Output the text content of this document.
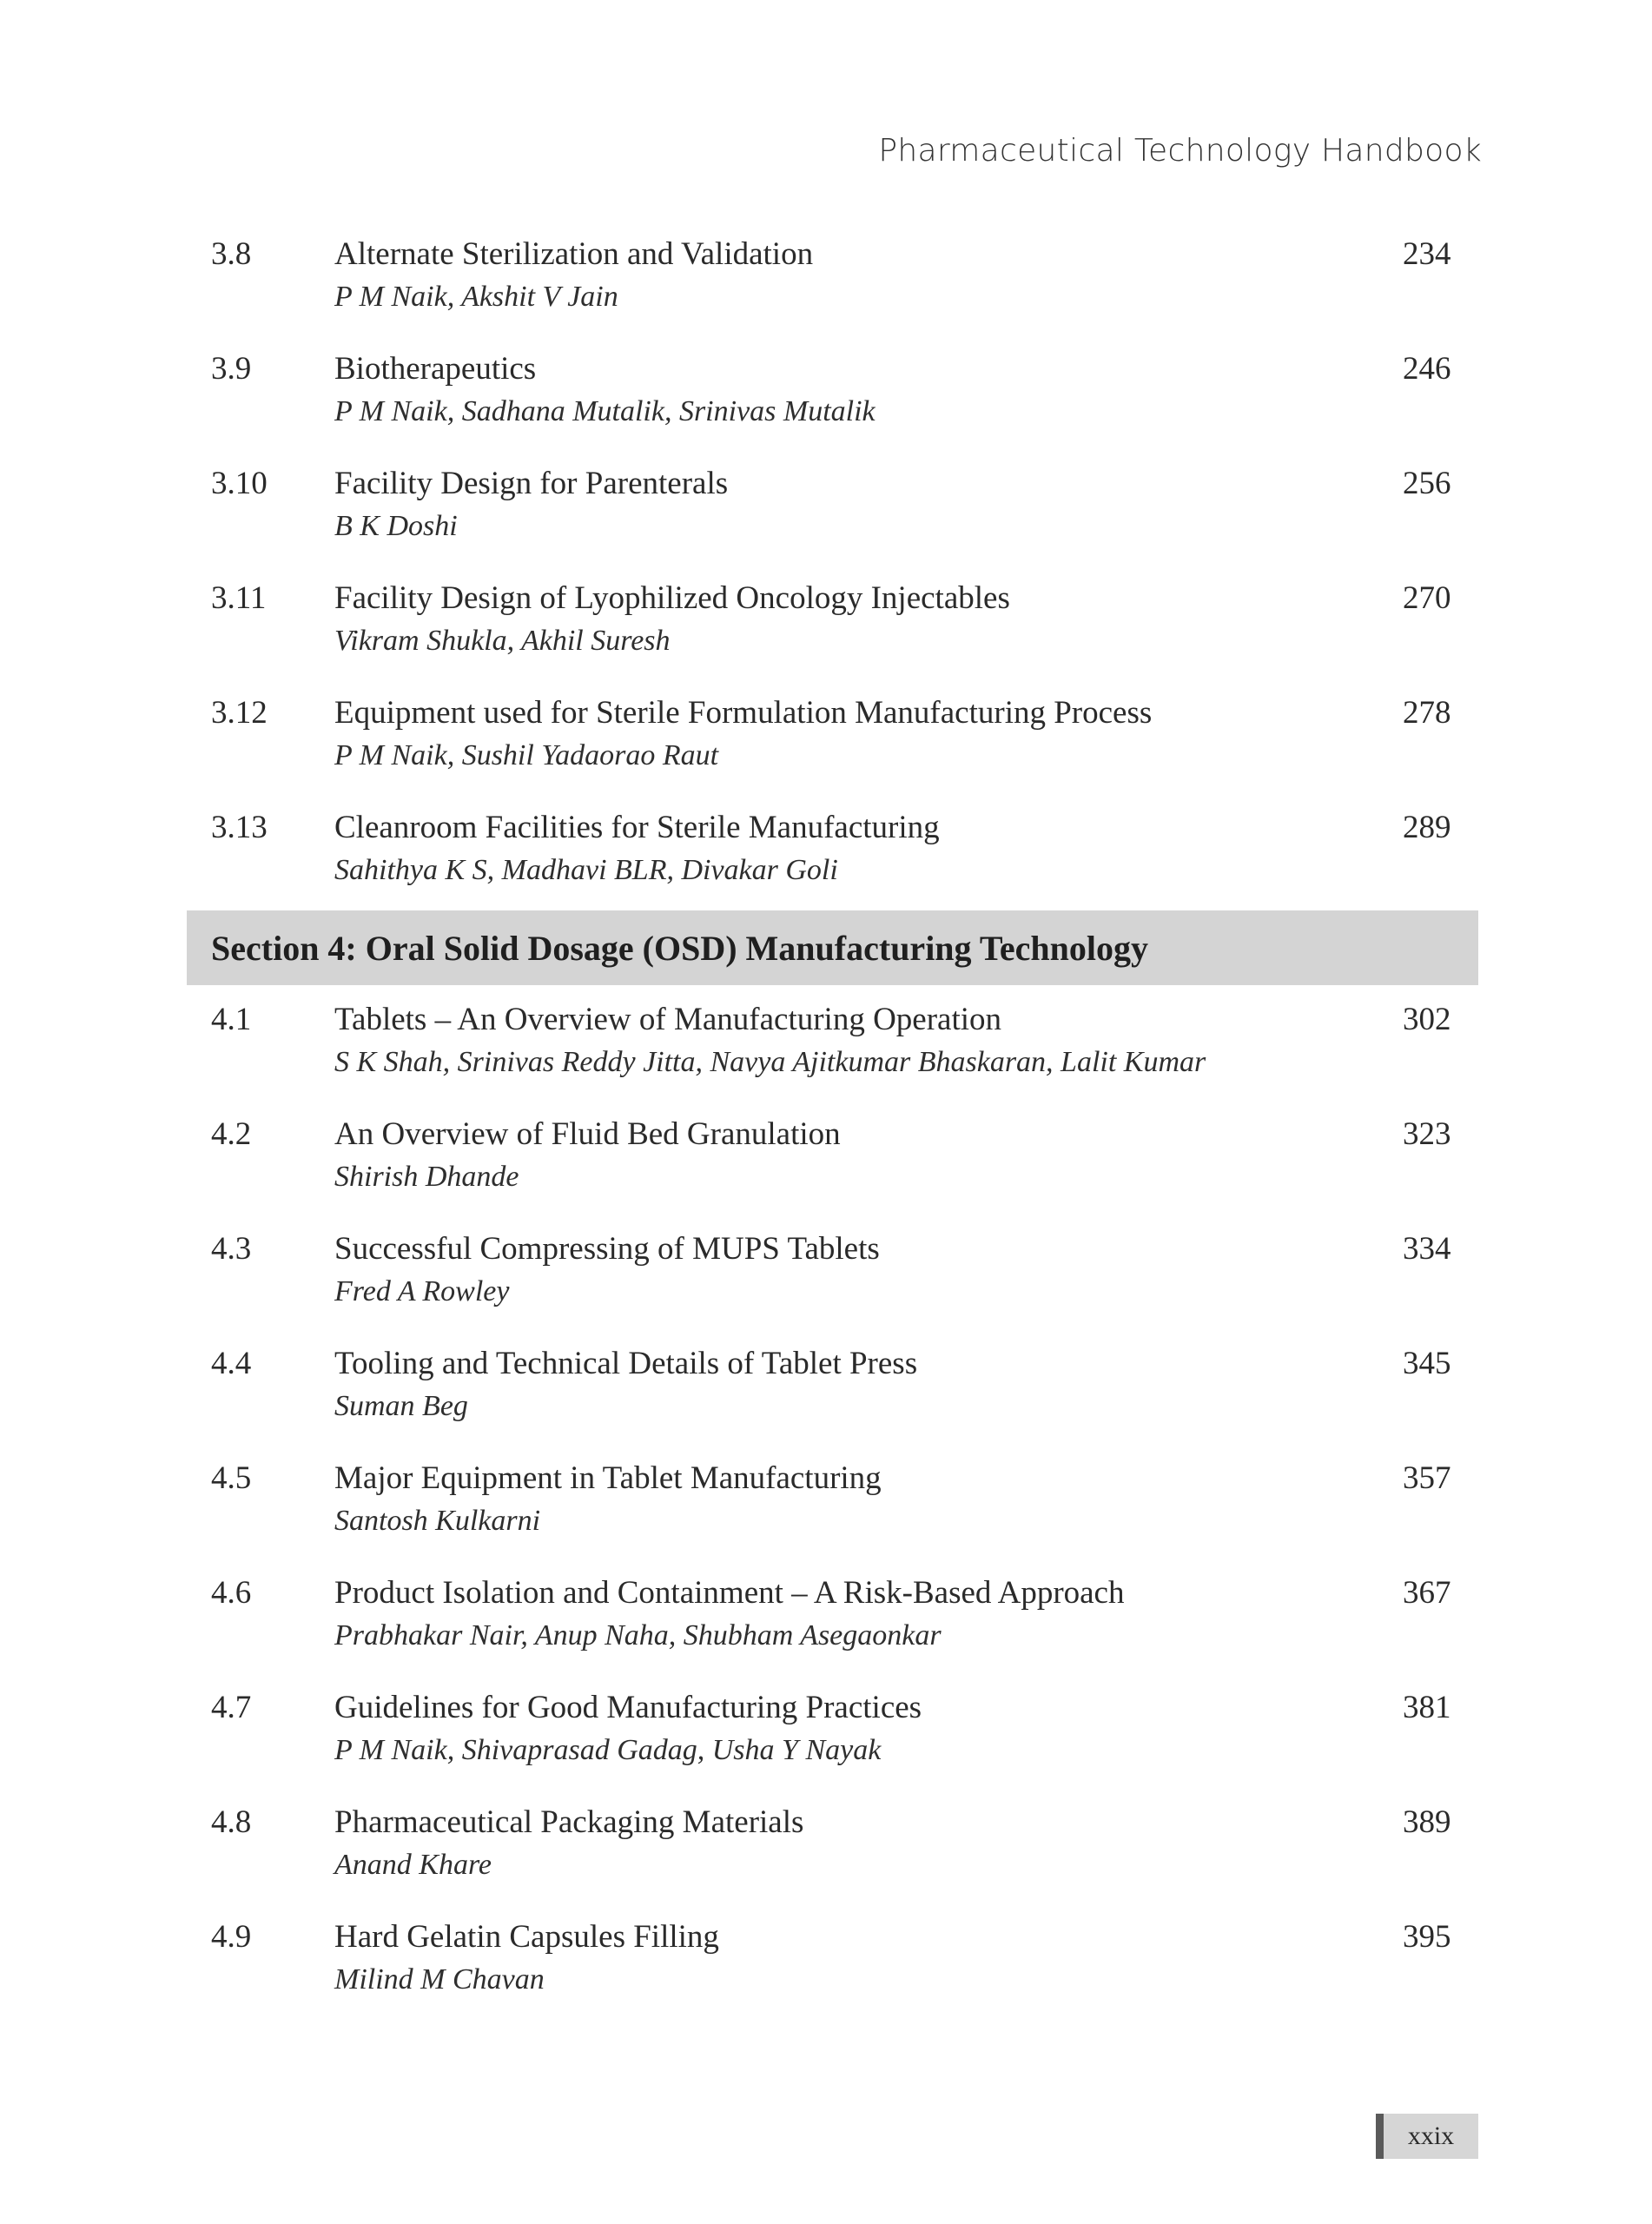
Pharmaceutical Technology Handbook
3.8	Alternate Sterilization and Validation	234
P M Naik, Akshit V Jain
3.9	Biotherapeutics	246
P M Naik, Sadhana Mutalik, Srinivas Mutalik
3.10 Facility Design for Parenterals	256
B K Doshi
3.11 Facility Design of Lyophilized Oncology Injectables	270
Vikram Shukla, Akhil Suresh
3.12 Equipment used for Sterile Formulation Manufacturing Process	278
P M Naik, Sushil Yadaorao Raut
3.13 Cleanroom Facilities for Sterile Manufacturing	289
Sahithya K S, Madhavi BLR, Divakar Goli
Section 4: Oral Solid Dosage (OSD) Manufacturing Technology
4.1	Tablets – An Overview of Manufacturing Operation	302
S K Shah, Srinivas Reddy Jitta, Navya Ajitkumar Bhaskaran, Lalit Kumar
4.2	An Overview of Fluid Bed Granulation	323
Shirish Dhande
4.3	Successful Compressing of MUPS Tablets	334
Fred A Rowley
4.4	Tooling and Technical Details of Tablet Press	345
Suman Beg
4.5	Major Equipment in Tablet Manufacturing	357
Santosh Kulkarni
4.6	Product Isolation and Containment – A Risk-Based Approach	367
Prabhakar Nair, Anup Naha, Shubham Asegaonkar
4.7	Guidelines for Good Manufacturing Practices	381
P M Naik, Shivaprasad Gadag, Usha Y Nayak
4.8	Pharmaceutical Packaging Materials	389
Anand Khare
4.9	Hard Gelatin Capsules Filling	395
Milind M Chavan
xxix
